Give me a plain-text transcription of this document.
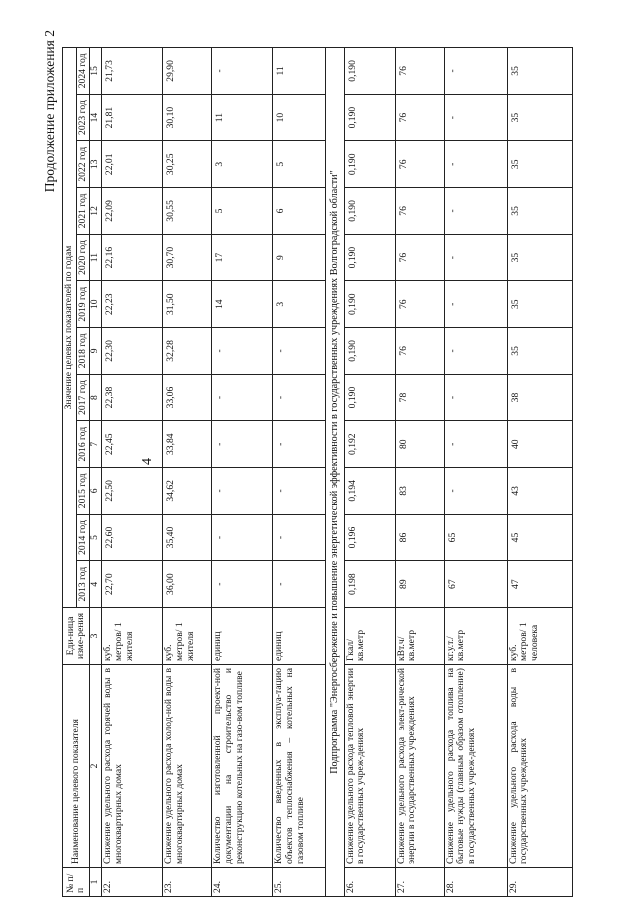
4
Продолжение приложения 2
№ п/п	Наименование целевого показателя	Еди-ница изме-рения	Значение целевых показателей по годам											
			2013 год	2014 год	2015 год	2016 год	2017 год	2018 год	2019 год	2020 год	2021 год	2022 год	2023 год	2024 год
1	2	3	4	5	6	7	8	9	10	11	12	13	14	15
22.	Снижение удельного расхода горячей воды в многоквартирных домах	куб. метров/ 1 жителя	22,70	22,60	22,50	22,45	22,38	22,30	22,23	22,16	22,09	22,01	21,81	21,73
23.	Снижение удельного расхода холод-ной воды в многоквартирных домах	куб. метров/ 1 жителя	36,00	35,40	34,62	33,84	33,06	32,28	31,50	30,70	30,55	30,25	30,10	29,90
24.	Количество изготовленной проект-ной документации на строительство и реконструкцию котельных на газо-вом топливе	единиц	-	-	-	-	-	-	14	17	5	3	11	-
25.	Количество введенных в эксплуа-тацию объектов теплоснабжения – котельных на газовом топливе	единиц	-	-	-	-	-	-	3	9	6	5	10	11
Подпрограмма "Энергосбережение и повышение энергетической эффективности в государственных учреждениях Волгоградской области"														
26.	Снижение удельного расхода тепловой энергии в государственных учреж-дениях	Гкал/ кв.метр	0,198	0,196	0,194	0,192	0,190	0,190	0,190	0,190	0,190	0,190	0,190	0,190
27.	Снижение удельного расхода элект-рической энергии в государственных учреждениях	кВт.ч/ кв.метр	89	86	83	80	78	76	76	76	76	76	76	76
28.	Снижение удельного расхода топлива на бытовые нужды (главным образом отопление) в государственных учреж-дениях	кг.у.т./ кв.метр	67	65	-	-	-	-	-	-	-	-	-	-
29.	Снижение удельного расхода воды в государственных учреждениях	куб. метров/ 1 человека	47	45	43	40	38	35	35	35	35	35	35	35
